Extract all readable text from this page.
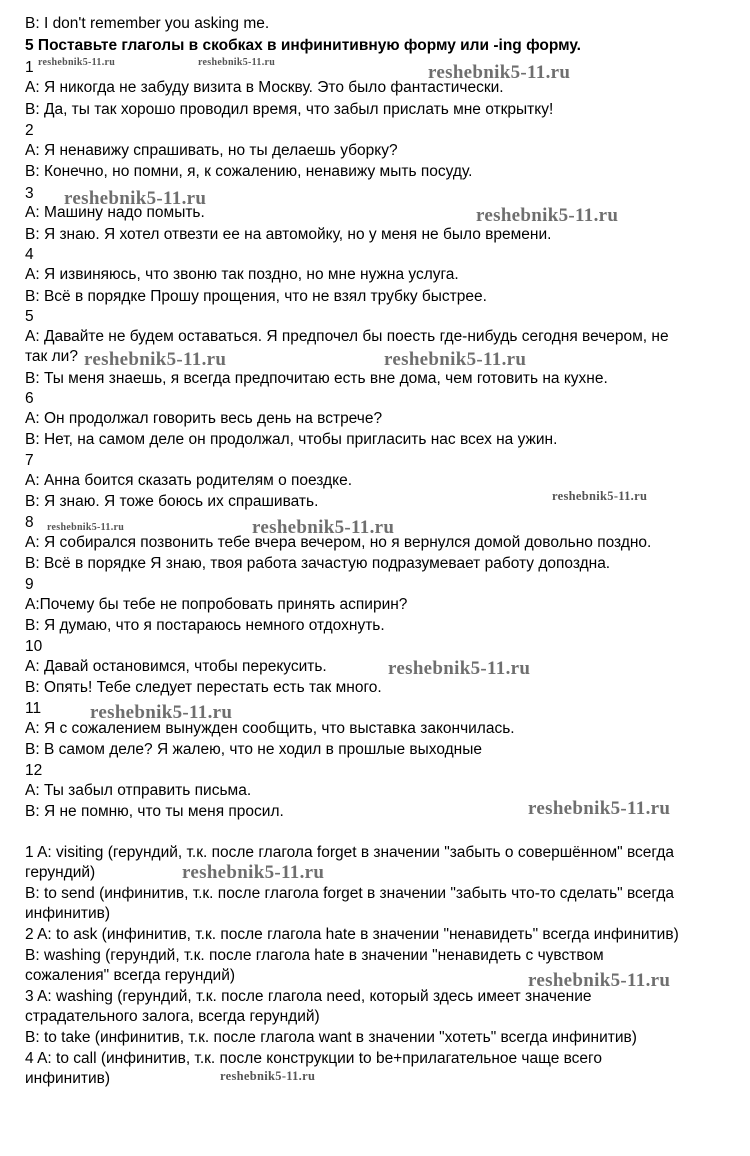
B: I don't remember you asking me.
5 Поставьте глаголы в скобках в инфинитивную форму или -ing форму.
1
A: Я никогда не забуду визита в Москву. Это было фантастически.
B: Да, ты так хорошо проводил время, что забыл прислать мне открытку!
2
A: Я ненавижу спрашивать, но ты делаешь уборку?
B: Конечно, но помни, я, к сожалению, ненавижу мыть посуду.
3
A: Машину надо помыть.
B: Я знаю. Я хотел отвезти ее на автомойку, но у меня не было времени.
4
A: Я извиняюсь, что звоню так поздно, но мне нужна услуга.
B: Всё в порядке Прошу прощения, что не взял трубку быстрее.
5
A: Давайте не будем оставаться. Я предпочел бы поесть где-нибудь сегодня вечером, не
так ли?
B: Ты меня знаешь, я всегда предпочитаю есть вне дома, чем готовить на кухне.
6
A: Он продолжал говорить весь день на встрече?
B: Нет, на самом деле он продолжал, чтобы пригласить нас всех на ужин.
7
A: Анна боится сказать родителям о поездке.
B: Я знаю. Я тоже боюсь их спрашивать.
8
A: Я собирался позвонить тебе вчера вечером, но я вернулся домой довольно поздно.
B: Всё в порядке Я знаю, твоя работа зачастую подразумевает работу допоздна.
9
A:Почему бы тебе не попробовать принять аспирин?
B: Я думаю, что я постараюсь немного отдохнуть.
10
A: Давай остановимся, чтобы перекусить.
B: Опять! Тебе следует перестать есть так много.
11
A: Я с сожалением вынужден сообщить, что выставка закончилась.
B: В самом деле? Я жалею, что не ходил в прошлые выходные
12
A: Ты забыл отправить письма.
B: Я не помню, что ты меня просил.
1 A: visiting (герундий, т.к. после глагола forget в значении "забыть о совершённом" всегда
герундий)
B: to send (инфинитив, т.к. после глагола forget в значении "забыть что-то сделать" всегда
инфинитив)
2 A: to ask (инфинитив, т.к. после глагола hate в значении "ненавидеть" всегда инфинитив)
B: washing (герундий, т.к. после глагола hate в значении "ненавидеть с чувством
сожаления" всегда герундий)
3 A: washing (герундий, т.к. после глагола need, который здесь имеет значение
страдательного залога, всегда герундий)
B: to take (инфинитив, т.к. после глагола want в значении "хотеть" всегда инфинитив)
4 A: to call (инфинитив, т.к. после конструкции to be+прилагательное чаще всего
инфинитив)
reshebnik5-11.ru	reshebnik5-11.ru	reshebnik5-11.ru
reshebnik5-11.ru
reshebnik5-11.ru
reshebnik5-11.ru	reshebnik5-11.ru
reshebnik5-11.ru
reshebnik5-11.ru	reshebnik5-11.ru
reshebnik5-11.ru
reshebnik5-11.ru
reshebnik5-11.ru
reshebnik5-11.ru
reshebnik5-11.ru
reshebnik5-11.ru
